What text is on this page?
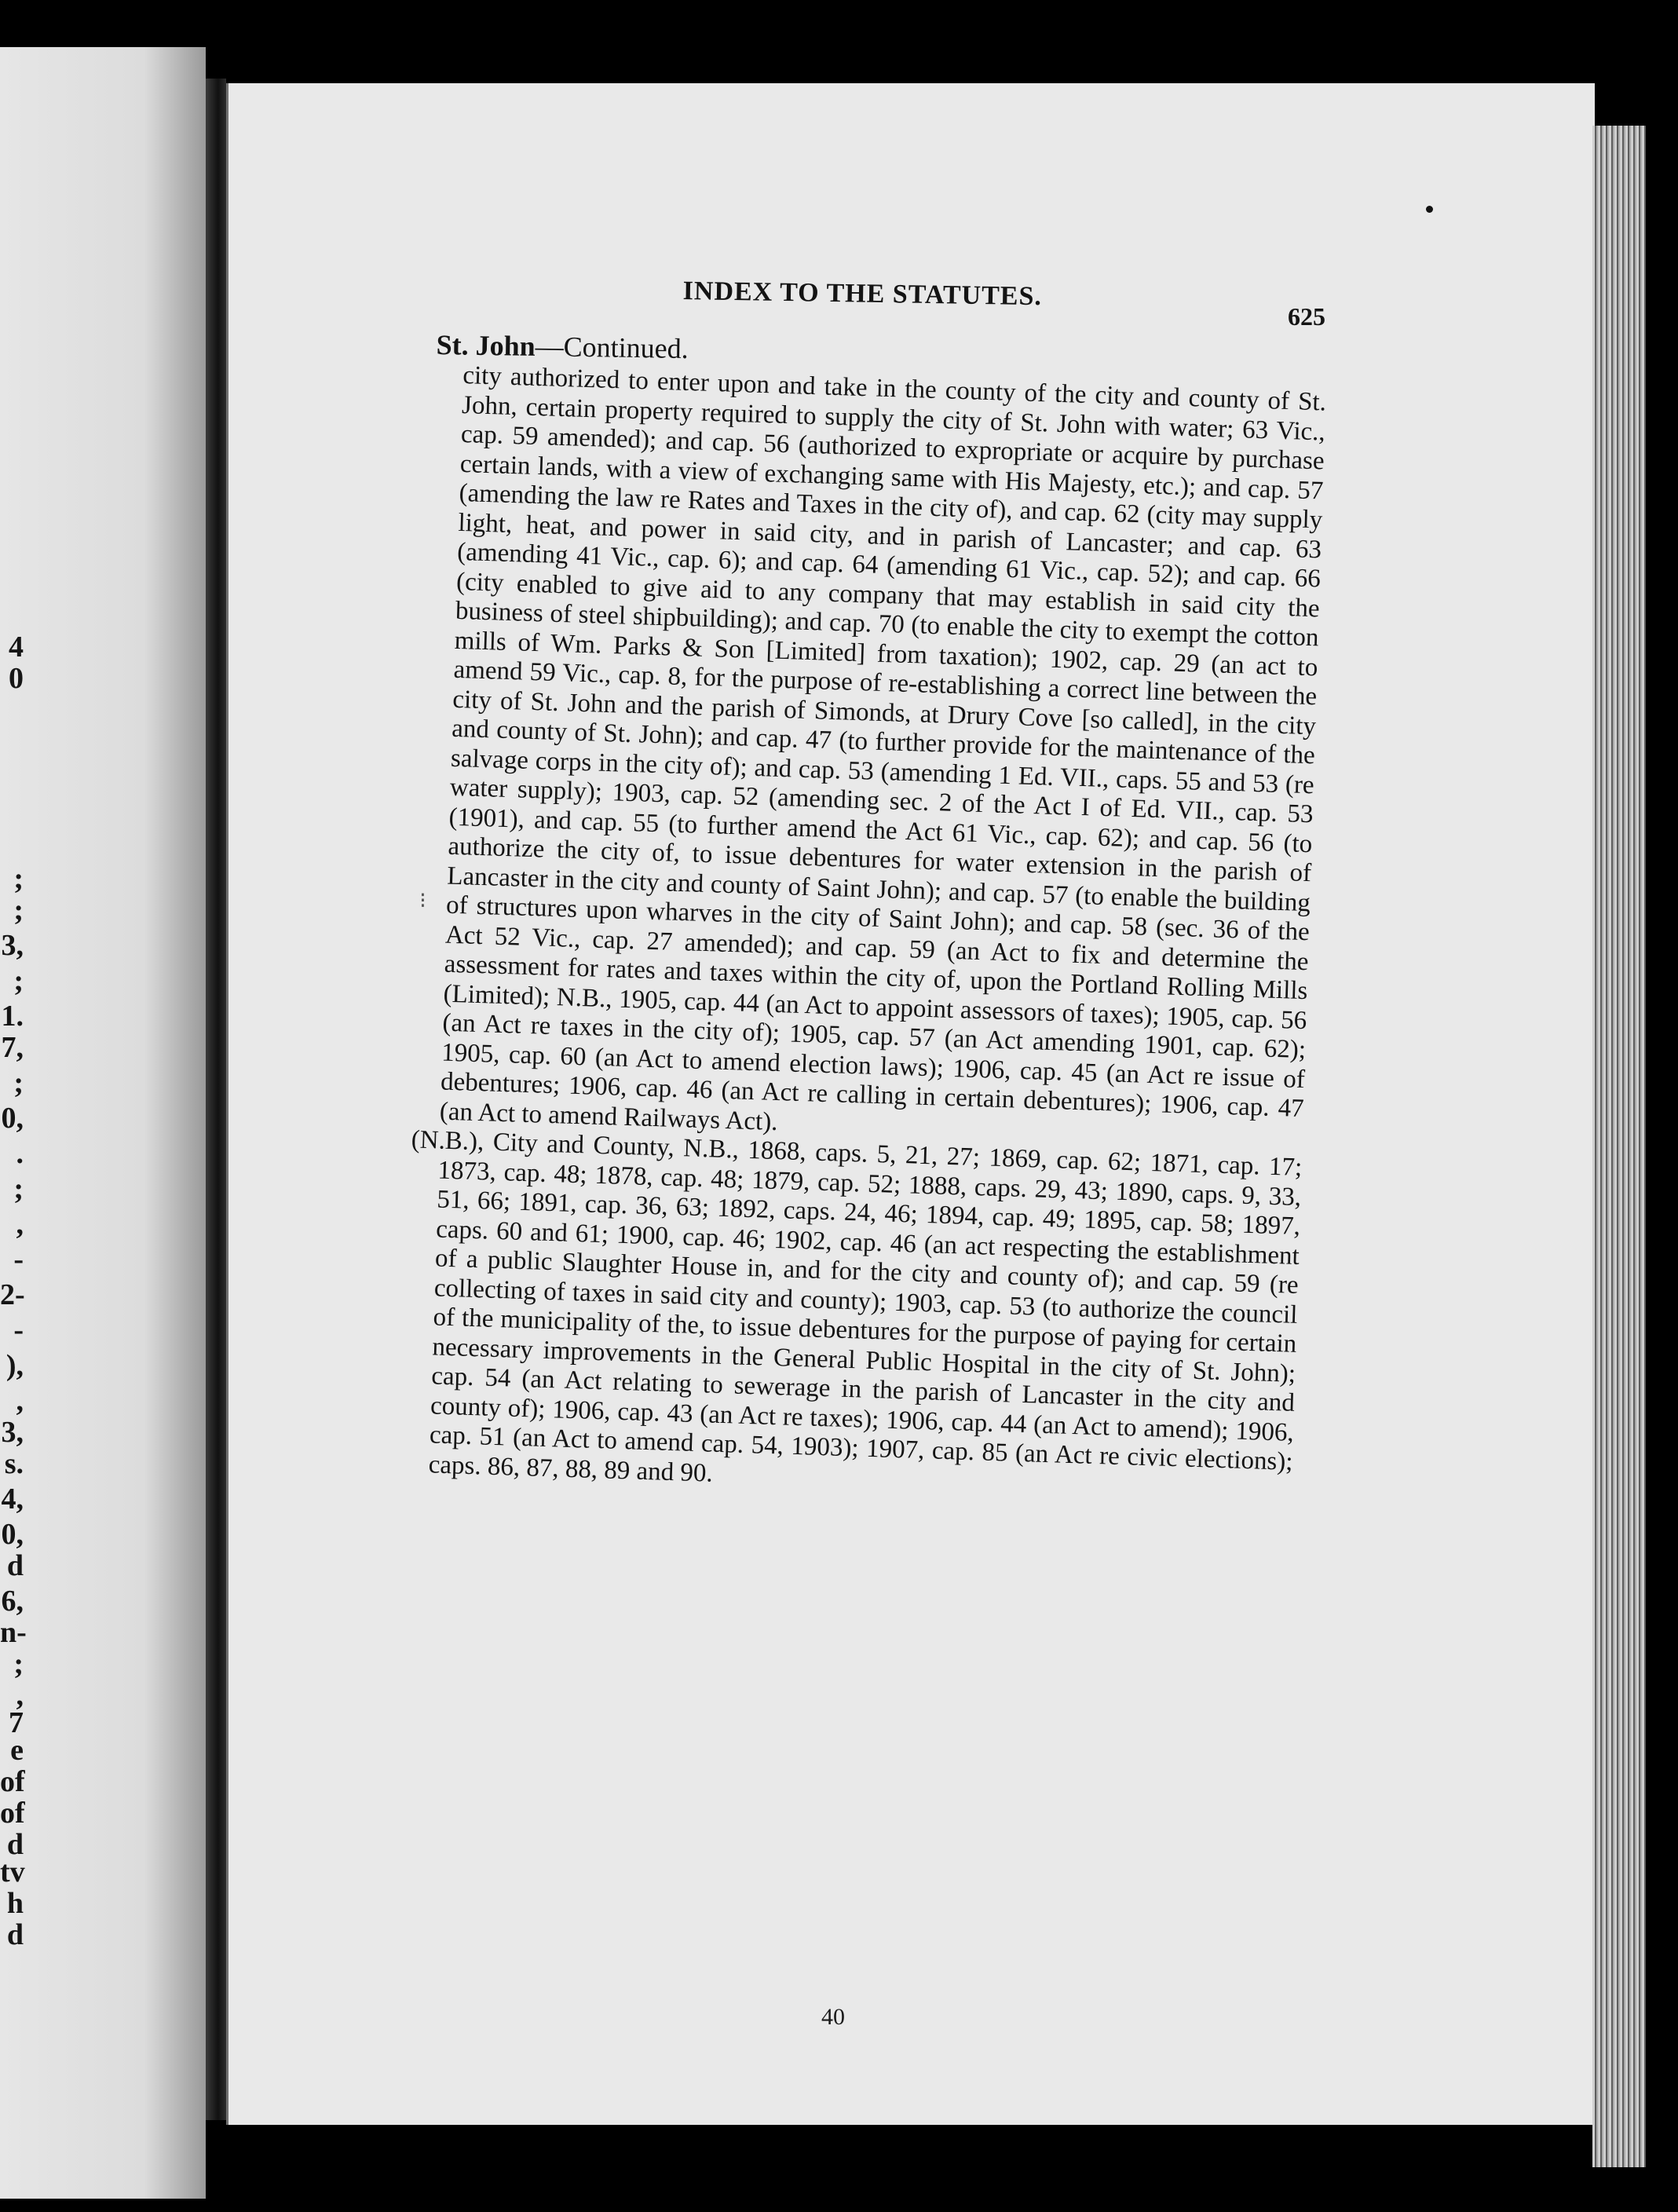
4
0
;
;
3,
;
1.
7,
;
0,
.
;
,
-
2-
-
),
,
3,
s.
4,
0,
d
6,
n-
;
,
7
e
of
of
d
tv
h
d
INDEX TO THE STATUTES.
625
St. John—Continued.
⁝

city authorized to enter upon and take in the county of the city and county of St. John, certain property required to supply the city of St. John with water; 63 Vic., cap. 59 amended); and cap. 56 (authorized to expropriate or acquire by purchase certain lands, with a view of exchanging same with His Majesty, etc.); and cap. 57 (amending the law re Rates and Taxes in the city of), and cap. 62 (city may supply light, heat, and power in said city, and in parish of Lancaster; and cap. 63 (amending 41 Vic., cap. 6); and cap. 64 (amending 61 Vic., cap. 52); and cap. 66 (city enabled to give aid to any company that may establish in said city the business of steel shipbuilding); and cap. 70 (to enable the city to exempt the cotton mills of Wm. Parks & Son [Limited] from taxation); 1902, cap. 29 (an act to amend 59 Vic., cap. 8, for the purpose of re-establishing a correct line between the city of St. John and the parish of Simonds, at Drury Cove [so called], in the city and county of St. John); and cap. 47 (to further provide for the maintenance of the salvage corps in the city of); and cap. 53 (amending 1 Ed. VII., caps. 55 and 53 (re water supply); 1903, cap. 52 (amending sec. 2 of the Act I of Ed. VII., cap. 53 (1901), and cap. 55 (to further amend the Act 61 Vic., cap. 62); and cap. 56 (to authorize the city of, to issue debentures for water extension in the parish of Lancaster in the city and county of Saint John); and cap. 57 (to enable the building of structures upon wharves in the city of Saint John); and cap. 58 (sec. 36 of the Act 52 Vic., cap. 27 amended); and cap. 59 (an Act to fix and determine the assessment for rates and taxes within the city of, upon the Portland Rolling Mills (Limited); N.B., 1905, cap. 44 (an Act to appoint assessors of taxes); 1905, cap. 56 (an Act re taxes in the city of); 1905, cap. 57 (an Act amending 1901, cap. 62); 1905, cap. 60 (an Act to amend election laws); 1906, cap. 45 (an Act re issue of debentures; 1906, cap. 46 (an Act re calling in certain debentures); 1906, cap. 47 (an Act to amend Railways Act).

(N.B.), City and County, N.B., 1868, caps. 5, 21, 27; 1869, cap. 62; 1871, cap. 17; 1873, cap. 48; 1878, cap. 48; 1879, cap. 52; 1888, caps. 29, 43; 1890, caps. 9, 33, 51, 66; 1891, cap. 36, 63; 1892, caps. 24, 46; 1894, cap. 49; 1895, cap. 58; 1897, caps. 60 and 61; 1900, cap. 46; 1902, cap. 46 (an act respecting the establishment of a public Slaughter House in, and for the city and county of); and cap. 59 (re collecting of taxes in said city and county); 1903, cap. 53 (to authorize the council of the municipality of the, to issue debentures for the purpose of paying for certain necessary improvements in the General Public Hospital in the city of St. John); cap. 54 (an Act relating to sewerage in the parish of Lancaster in the city and county of); 1906, cap. 43 (an Act re taxes); 1906, cap. 44 (an Act to amend); 1906, cap. 51 (an Act to amend cap. 54, 1903); 1907, cap. 85 (an Act re civic elections); caps. 86, 87, 88, 89 and 90.

40
